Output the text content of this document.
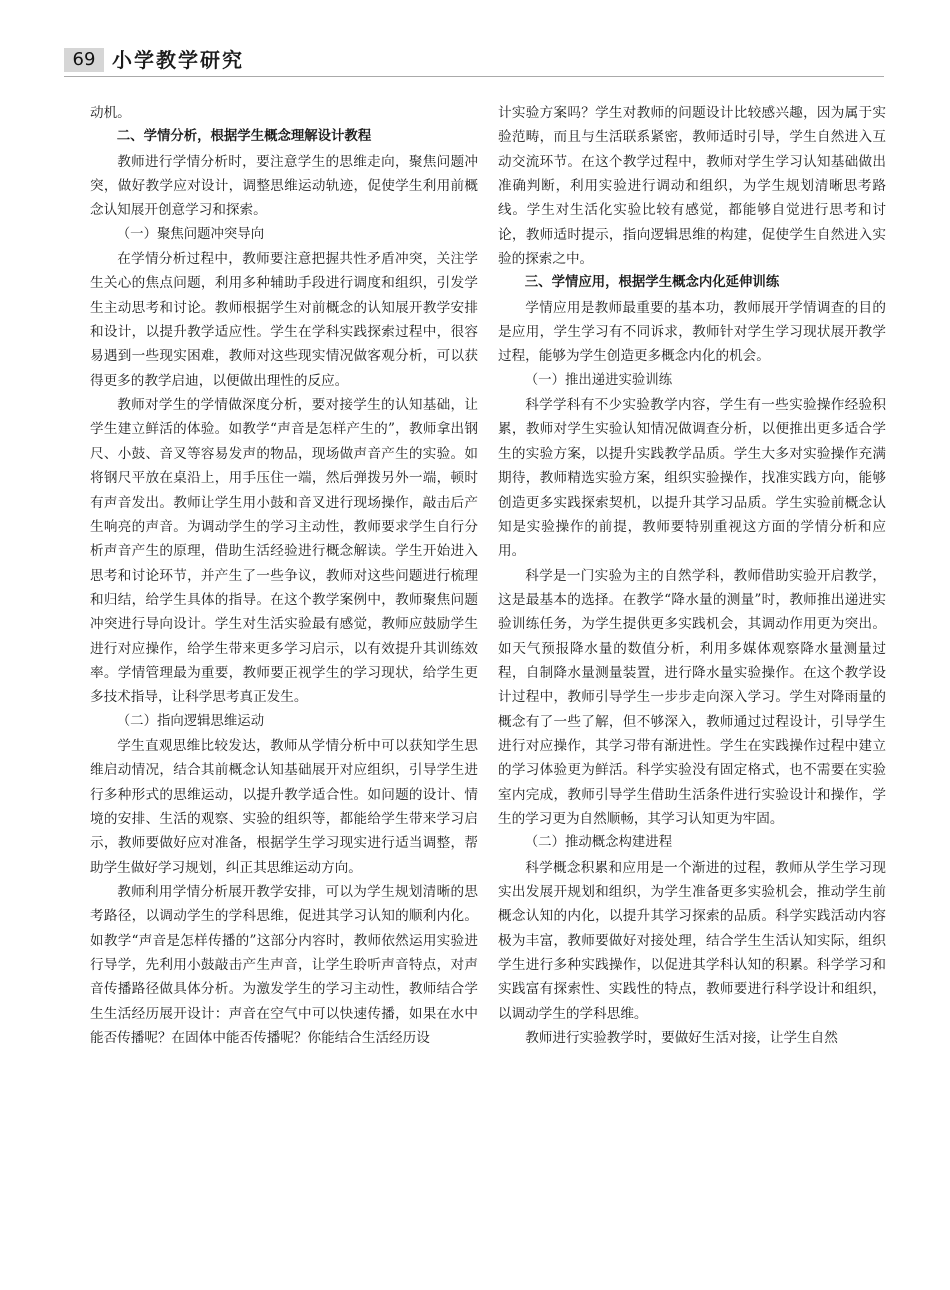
69 小学教学研究

动机。

二、学情分析，根据学生概念理解设计教程

教师进行学情分析时，要注意学生的思维走向，聚焦问题冲突，做好教学应对设计，调整思维运动轨迹，促使学生利用前概念认知展开创意学习和探索。

（一）聚焦问题冲突导向

在学情分析过程中，教师要注意把握共性矛盾冲突，关注学生关心的焦点问题，利用多种辅助手段进行调度和组织，引发学生主动思考和讨论。教师根据学生对前概念的认知展开教学安排和设计，以提升教学适应性。学生在学科实践探索过程中，很容易遇到一些现实困难，教师对这些现实情况做客观分析，可以获得更多的教学启迪，以便做出理性的反应。

教师对学生的学情做深度分析，要对接学生的认知基础，让学生建立鲜活的体验。如教学“声音是怎样产生的”，教师拿出钢尺、小鼓、音叉等容易发声的物品，现场做声音产生的实验。如将钢尺平放在桌沿上，用手压住一端，然后弹拨另外一端，顿时有声音发出。教师让学生用小鼓和音叉进行现场操作，敲击后产生响亮的声音。为调动学生的学习主动性，教师要求学生自行分析声音产生的原理，借助生活经验进行概念解读。学生开始进入思考和讨论环节，并产生了一些争议，教师对这些问题进行梳理和归结，给学生具体的指导。在这个教学案例中，教师聚焦问题冲突进行导向设计。学生对生活实验最有感觉，教师应鼓励学生进行对应操作，给学生带来更多学习启示，以有效提升其训练效率。学情管理最为重要，教师要正视学生的学习现状，给学生更多技术指导，让科学思考真正发生。

（二）指向逻辑思维运动

学生直观思维比较发达，教师从学情分析中可以获知学生思维启动情况，结合其前概念认知基础展开对应组织，引导学生进行多种形式的思维运动，以提升教学适合性。如问题的设计、情境的安排、生活的观察、实验的组织等，都能给学生带来学习启示，教师要做好应对准备，根据学生学习现实进行适当调整，帮助学生做好学习规划，纠正其思维运动方向。

教师利用学情分析展开教学安排，可以为学生规划清晰的思考路径，以调动学生的学科思维，促进其学习认知的顺利内化。如教学“声音是怎样传播的”这部分内容时，教师依然运用实验进行导学，先利用小鼓敲击产生声音，让学生聆听声音特点，对声音传播路径做具体分析。为激发学生的学习主动性，教师结合学生生活经历展开设计：声音在空气中可以快速传播，如果在水中能否传播呢？在固体中能否传播呢？你能结合生活经历设

计实验方案吗？学生对教师的问题设计比较感兴趣，因为属于实验范畴，而且与生活联系紧密，教师适时引导，学生自然进入互动交流环节。在这个教学过程中，教师对学生学习认知基础做出准确判断，利用实验进行调动和组织，为学生规划清晰思考路线。学生对生活化实验比较有感觉，都能够自觉进行思考和讨论，教师适时提示，指向逻辑思维的构建，促使学生自然进入实验的探索之中。

三、学情应用，根据学生概念内化延伸训练

学情应用是教师最重要的基本功，教师展开学情调查的目的是应用，学生学习有不同诉求，教师针对学生学习现状展开教学过程，能够为学生创造更多概念内化的机会。

（一）推出递进实验训练

科学学科有不少实验教学内容，学生有一些实验操作经验积累，教师对学生实验认知情况做调查分析，以便推出更多适合学生的实验方案，以提升实践教学品质。学生大多对实验操作充满期待，教师精选实验方案，组织实验操作，找准实践方向，能够创造更多实践探索契机，以提升其学习品质。学生实验前概念认知是实验操作的前提，教师要特别重视这方面的学情分析和应用。

科学是一门实验为主的自然学科，教师借助实验开启教学，这是最基本的选择。在教学“降水量的测量”时，教师推出递进实验训练任务，为学生提供更多实践机会，其调动作用更为突出。如天气预报降水量的数值分析，利用多媒体观察降水量测量过程，自制降水量测量装置，进行降水量实验操作。在这个教学设计过程中，教师引导学生一步步走向深入学习。学生对降雨量的概念有了一些了解，但不够深入，教师通过过程设计，引导学生进行对应操作，其学习带有渐进性。学生在实践操作过程中建立的学习体验更为鲜活。科学实验没有固定格式，也不需要在实验室内完成，教师引导学生借助生活条件进行实验设计和操作，学生的学习更为自然顺畅，其学习认知更为牢固。

（二）推动概念构建进程

科学概念积累和应用是一个渐进的过程，教师从学生学习现实出发展开规划和组织，为学生准备更多实验机会，推动学生前概念认知的内化，以提升其学习探索的品质。科学实践活动内容极为丰富，教师要做好对接处理，结合学生生活认知实际，组织学生进行多种实践操作，以促进其学科认知的积累。科学学习和实践富有探索性、实践性的特点，教师要进行科学设计和组织，以调动学生的学科思维。

教师进行实验教学时，要做好生活对接，让学生自然
